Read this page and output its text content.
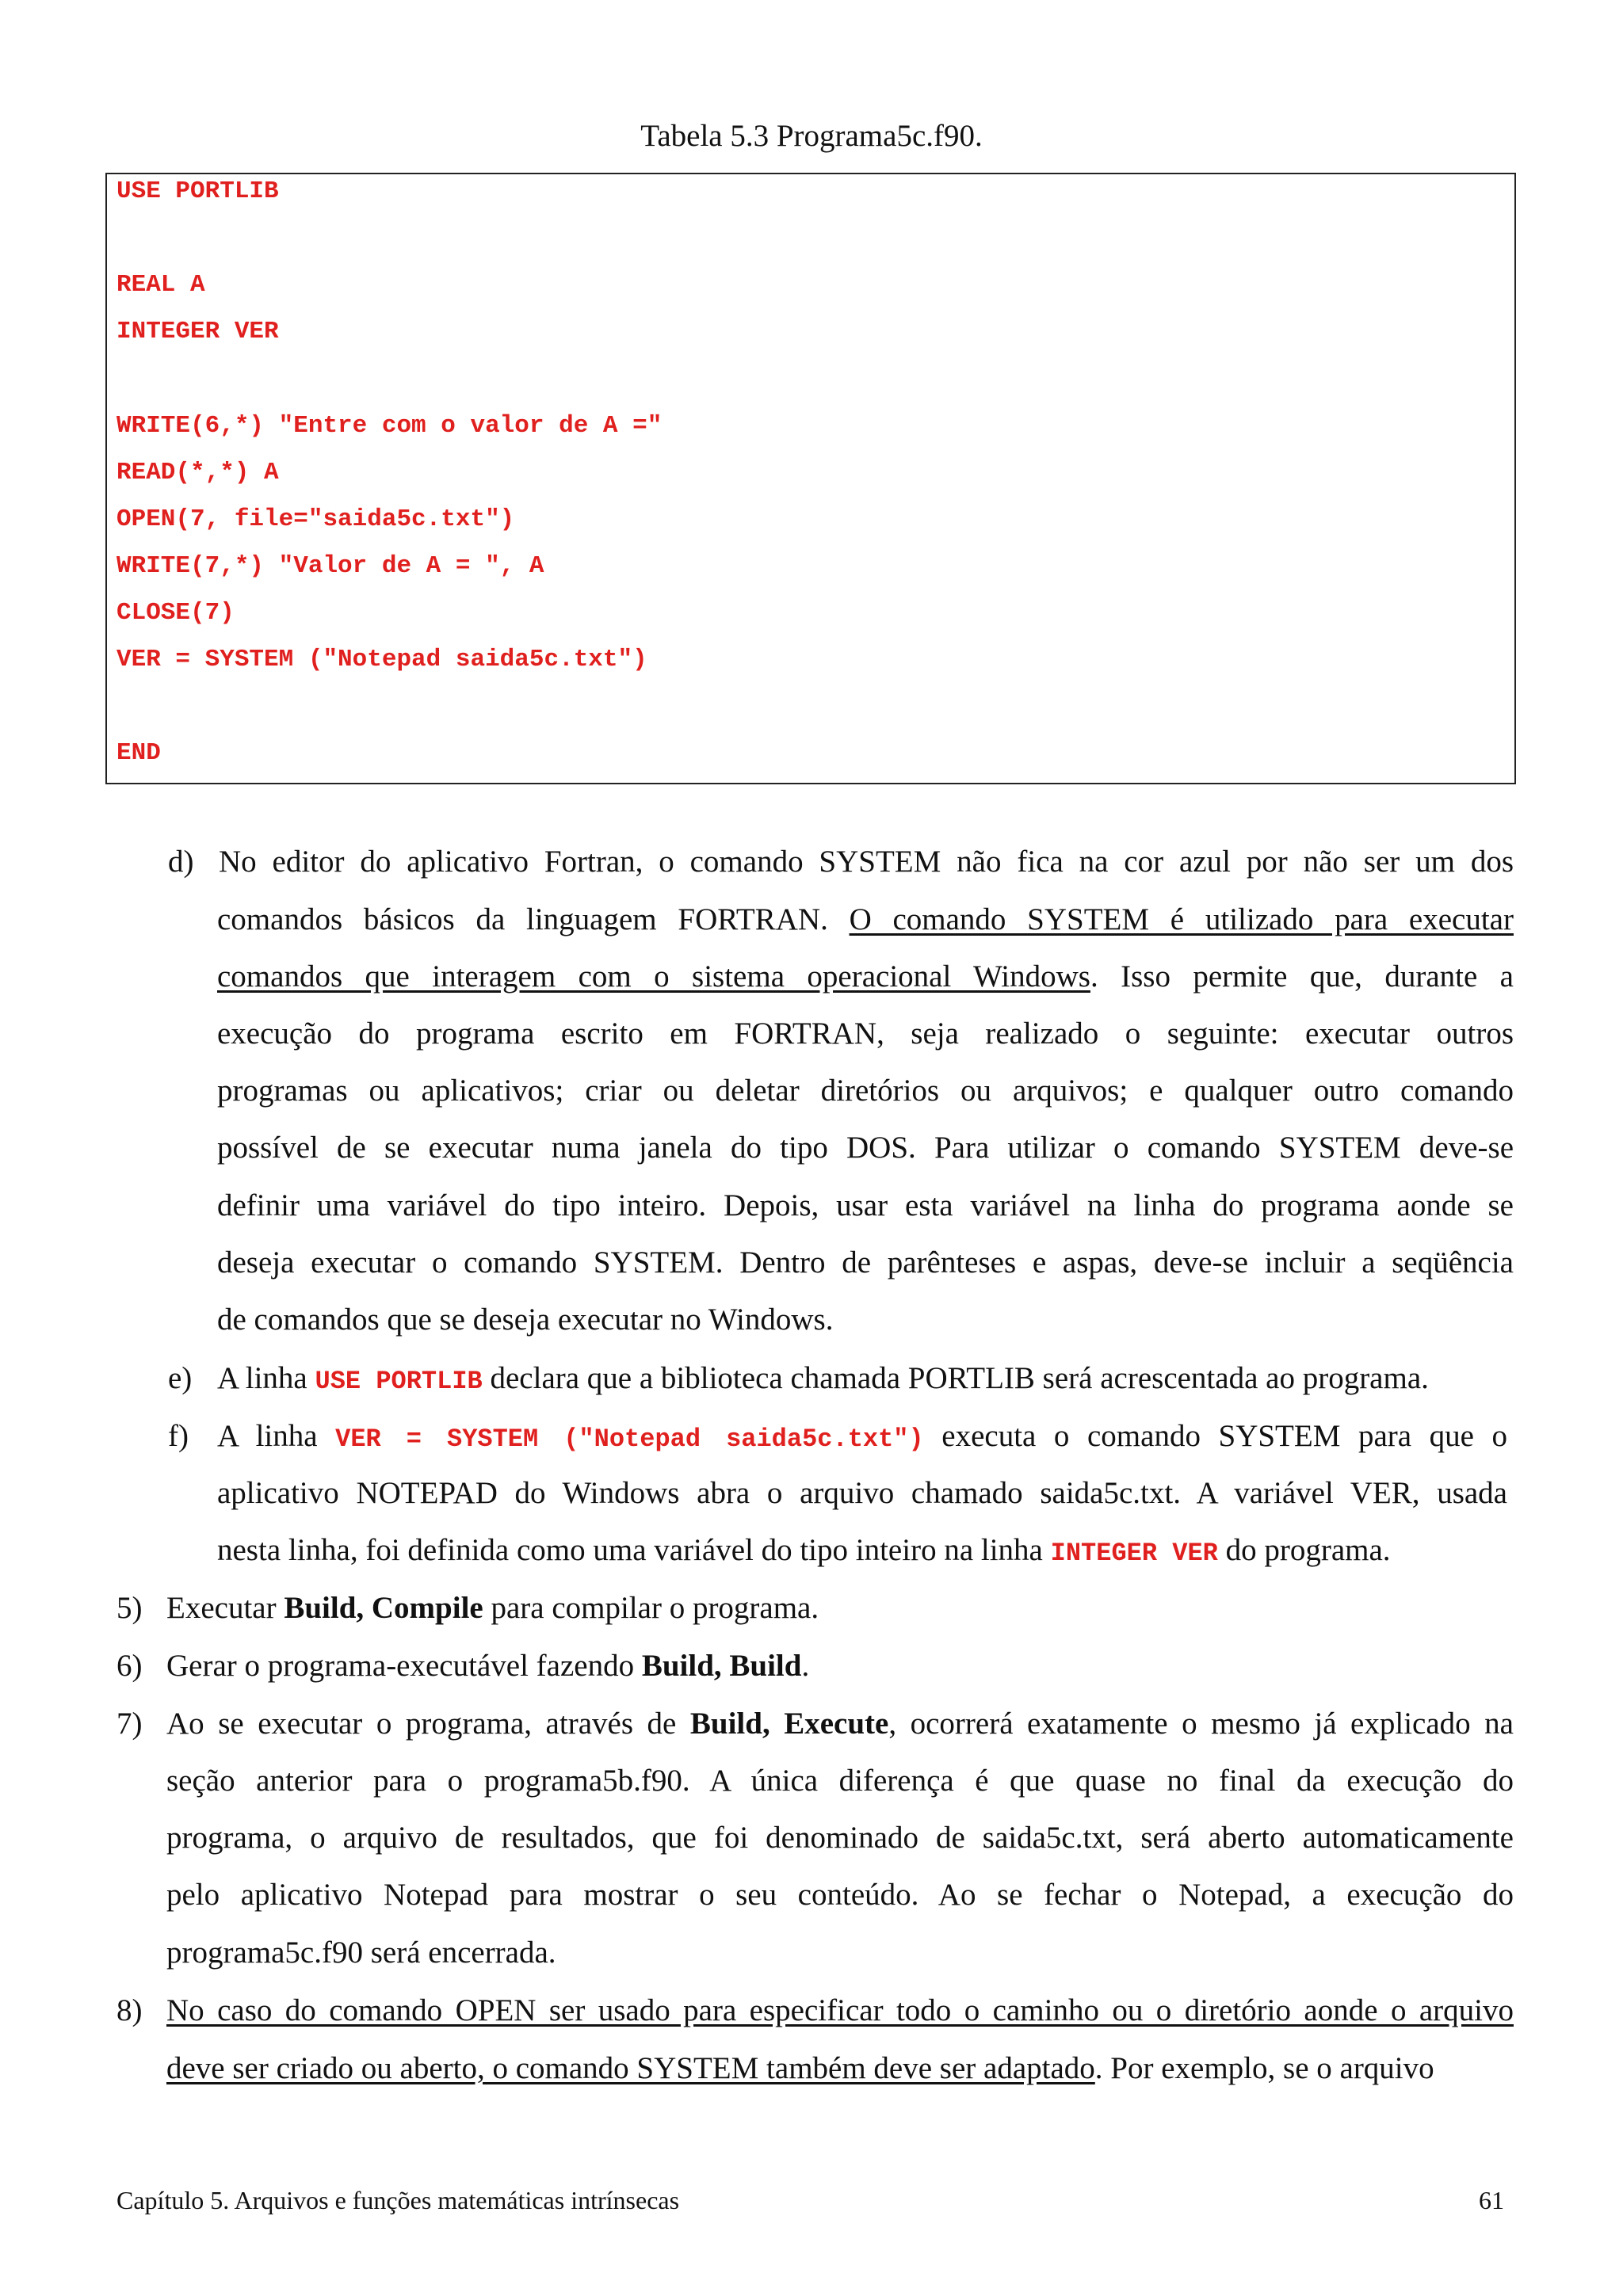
Tabela 5.3 Programa5c.f90.
USE PORTLIB
REAL A
INTEGER VER
WRITE(6,*) "Entre com o valor de A ="
READ(*,*) A
OPEN(7, file="saida5c.txt")
WRITE(7,*) "Valor de A = ", A
CLOSE(7)
VER = SYSTEM ("Notepad saida5c.txt")
END
d) No editor do aplicativo Fortran, o comando SYSTEM não fica na cor azul por não ser um dos
comandos básicos da linguagem FORTRAN. O comando SYSTEM é utilizado para executar
comandos que interagem com o sistema operacional Windows. Isso permite que, durante a
execução do programa escrito em FORTRAN, seja realizado o seguinte: executar outros
programas ou aplicativos; criar ou deletar diretórios ou arquivos; e qualquer outro comando
possível de se executar numa janela do tipo DOS. Para utilizar o comando SYSTEM deve-se
definir uma variável do tipo inteiro. Depois, usar esta variável na linha do programa aonde se
deseja executar o comando SYSTEM. Dentro de parênteses e aspas, deve-se incluir a seqüência
de comandos que se deseja executar no Windows.
e) A linha USE PORTLIB declara que a biblioteca chamada PORTLIB será acrescentada ao programa.
f) A linha VER = SYSTEM ("Notepad saida5c.txt") executa o comando SYSTEM para que o
aplicativo NOTEPAD do Windows abra o arquivo chamado saida5c.txt. A variável VER, usada
nesta linha, foi definida como uma variável do tipo inteiro na linha INTEGER VER do programa.
5) Executar Build, Compile para compilar o programa.
6) Gerar o programa-executável fazendo Build, Build.
7) Ao se executar o programa, através de Build, Execute, ocorrerá exatamente o mesmo já explicado na
seção anterior para o programa5b.f90. A única diferença é que quase no final da execução do
programa, o arquivo de resultados, que foi denominado de saida5c.txt, será aberto automaticamente
pelo aplicativo Notepad para mostrar o seu conteúdo. Ao se fechar o Notepad, a execução do
programa5c.f90 será encerrada.
8) No caso do comando OPEN ser usado para especificar todo o caminho ou o diretório aonde o arquivo
deve ser criado ou aberto, o comando SYSTEM também deve ser adaptado. Por exemplo, se o arquivo
Capítulo 5. Arquivos e funções matemáticas intrínsecas	61
